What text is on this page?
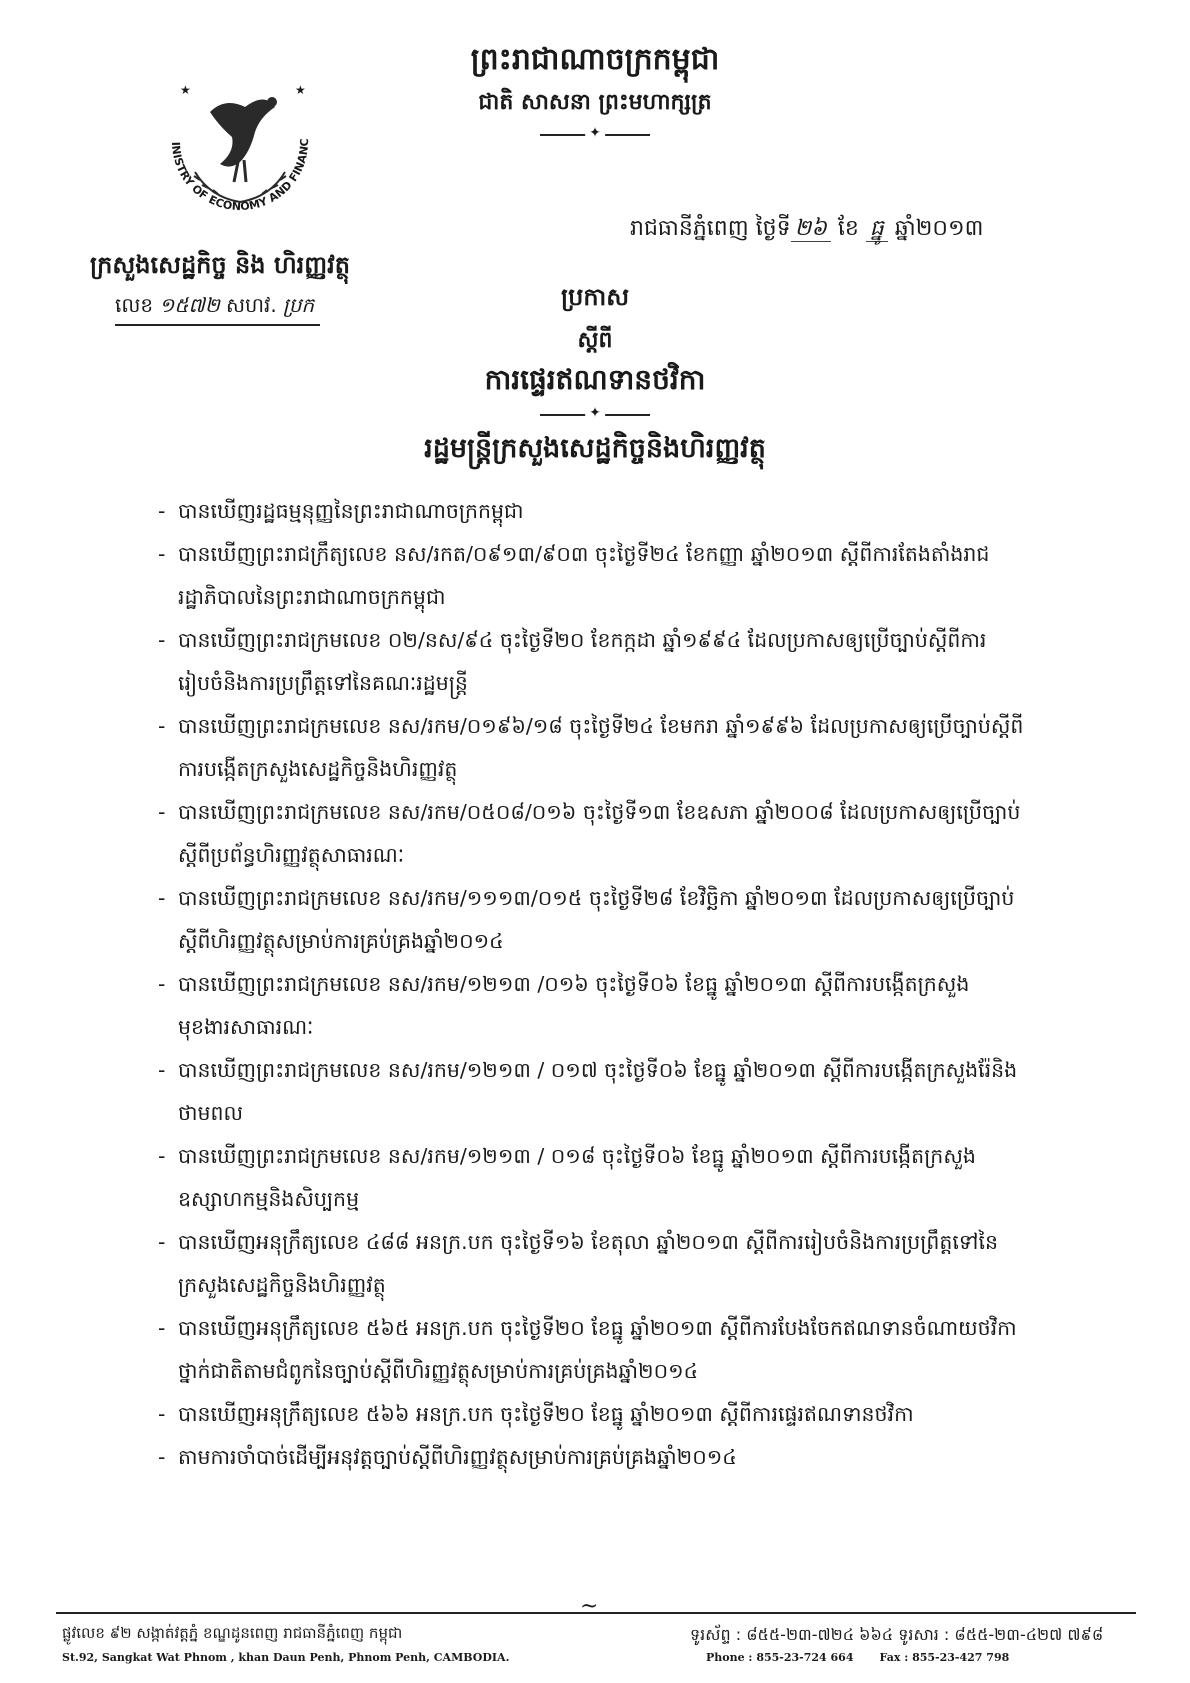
ព្រះរាជាណាចក្រកម្ពុជា
ជាតិ សាសនា ព្រះមហាក្សត្រ
✦
INISTRY OF ECONOMY AND FINANC
★	★
ក្រសួងសេដ្ឋកិច្ច និង ហិរញ្ញវត្ថុ
លេខ ១៥៧២ សហវ. ប្រក
រាជធានីភ្នំពេញ ថ្ងៃទី ២៦ ខែ ធ្នូ ឆ្នាំ២០១៣
ប្រកាស
ស្តីពី
ការផ្ទេរឥណទានថវិកា
✦
រដ្ឋមន្ត្រីក្រសួងសេដ្ឋកិច្ចនិងហិរញ្ញវត្ថុ
- បានឃើញរដ្ឋធម្មនុញ្ញនៃព្រះរាជាណាចក្រកម្ពុជា
- បានឃើញព្រះរាជក្រឹត្យលេខ នស/រកត/០៩១៣/៩០៣ ចុះថ្ងៃទី២៤ ខែកញ្ញា ឆ្នាំ២០១៣ ស្តីពីការតែងតាំងរាជរដ្ឋាភិបាលនៃព្រះរាជាណាចក្រកម្ពុជា
- បានឃើញព្រះរាជក្រមលេខ ០២/នស/៩៤ ចុះថ្ងៃទី២០ ខែកក្កដា ឆ្នាំ១៩៩៤ ដែលប្រកាសឲ្យប្រើច្បាប់ស្តីពីការរៀបចំនិងការប្រព្រឹត្តទៅនៃគណៈរដ្ឋមន្ត្រី
- បានឃើញព្រះរាជក្រមលេខ នស/រកម/០១៩៦/១៨ ចុះថ្ងៃទី២៤ ខែមករា ឆ្នាំ១៩៩៦ ដែលប្រកាសឲ្យប្រើច្បាប់ស្តីពីការបង្កើតក្រសួងសេដ្ឋកិច្ចនិងហិរញ្ញវត្ថុ
- បានឃើញព្រះរាជក្រមលេខ នស/រកម/០៥០៨/០១៦ ចុះថ្ងៃទី១៣ ខែឧសភា ឆ្នាំ២០០៨ ដែលប្រកាសឲ្យប្រើច្បាប់ស្តីពីប្រព័ន្ធហិរញ្ញវត្ថុសាធារណៈ
- បានឃើញព្រះរាជក្រមលេខ នស/រកម/១១១៣/០១៥ ចុះថ្ងៃទី២៨ ខែវិច្ឆិកា ឆ្នាំ២០១៣ ដែលប្រកាសឲ្យប្រើច្បាប់ស្តីពីហិរញ្ញវត្ថុសម្រាប់ការគ្រប់គ្រងឆ្នាំ២០១៤
- បានឃើញព្រះរាជក្រមលេខ នស/រកម/១២១៣ /០១៦ ចុះថ្ងៃទី០៦ ខែធ្នូ ឆ្នាំ២០១៣ ស្តីពីការបង្កើតក្រសួងមុខងារសាធារណៈ
- បានឃើញព្រះរាជក្រមលេខ នស/រកម/១២១៣ / ០១៧ ចុះថ្ងៃទី០៦ ខែធ្នូ ឆ្នាំ២០១៣ ស្តីពីការបង្កើតក្រសួងរ៉ែនិងថាមពល
- បានឃើញព្រះរាជក្រមលេខ នស/រកម/១២១៣ / ០១៨ ចុះថ្ងៃទី០៦ ខែធ្នូ ឆ្នាំ២០១៣ ស្តីពីការបង្កើតក្រសួងឧស្សាហកម្មនិងសិប្បកម្ម
- បានឃើញអនុក្រឹត្យលេខ ៤៨៨ អនក្រ.បក ចុះថ្ងៃទី១៦ ខែតុលា ឆ្នាំ២០១៣ ស្តីពីការរៀបចំនិងការប្រព្រឹត្តទៅនៃក្រសួងសេដ្ឋកិច្ចនិងហិរញ្ញវត្ថុ
- បានឃើញអនុក្រឹត្យលេខ ៥៦៥ អនក្រ.បក ចុះថ្ងៃទី២០ ខែធ្នូ ឆ្នាំ២០១៣ ស្តីពីការបែងចែកឥណទានចំណាយថវិកាថ្នាក់ជាតិតាមជំពូកនៃច្បាប់ស្តីពីហិរញ្ញវត្ថុសម្រាប់ការគ្រប់គ្រងឆ្នាំ២០១៤
- បានឃើញអនុក្រឹត្យលេខ ៥៦៦ អនក្រ.បក ចុះថ្ងៃទី២០ ខែធ្នូ ឆ្នាំ២០១៣ ស្តីពីការផ្ទេរឥណទានថវិកា
- តាមការចាំបាច់ដើម្បីអនុវត្តច្បាប់ស្តីពីហិរញ្ញវត្ថុសម្រាប់ការគ្រប់គ្រងឆ្នាំ២០១៤
~​
ផ្លូវលេខ ៩២ សង្កាត់វត្តភ្នំ ខណ្ឌដូនពេញ រាជធានីភ្នំពេញ កម្ពុជា
St.92, Sangkat Wat Phnom , khan Daun Penh, Phnom Penh, CAMBODIA.
ទូរស័ព្ទ : ៨៥៥-២៣-៧២៤ ៦៦៤ ទូរសារ : ៨៥៥-២៣-៤២៧ ៧៩៨
Phone : 855-23-724 664 Fax : 855-23-427 798
